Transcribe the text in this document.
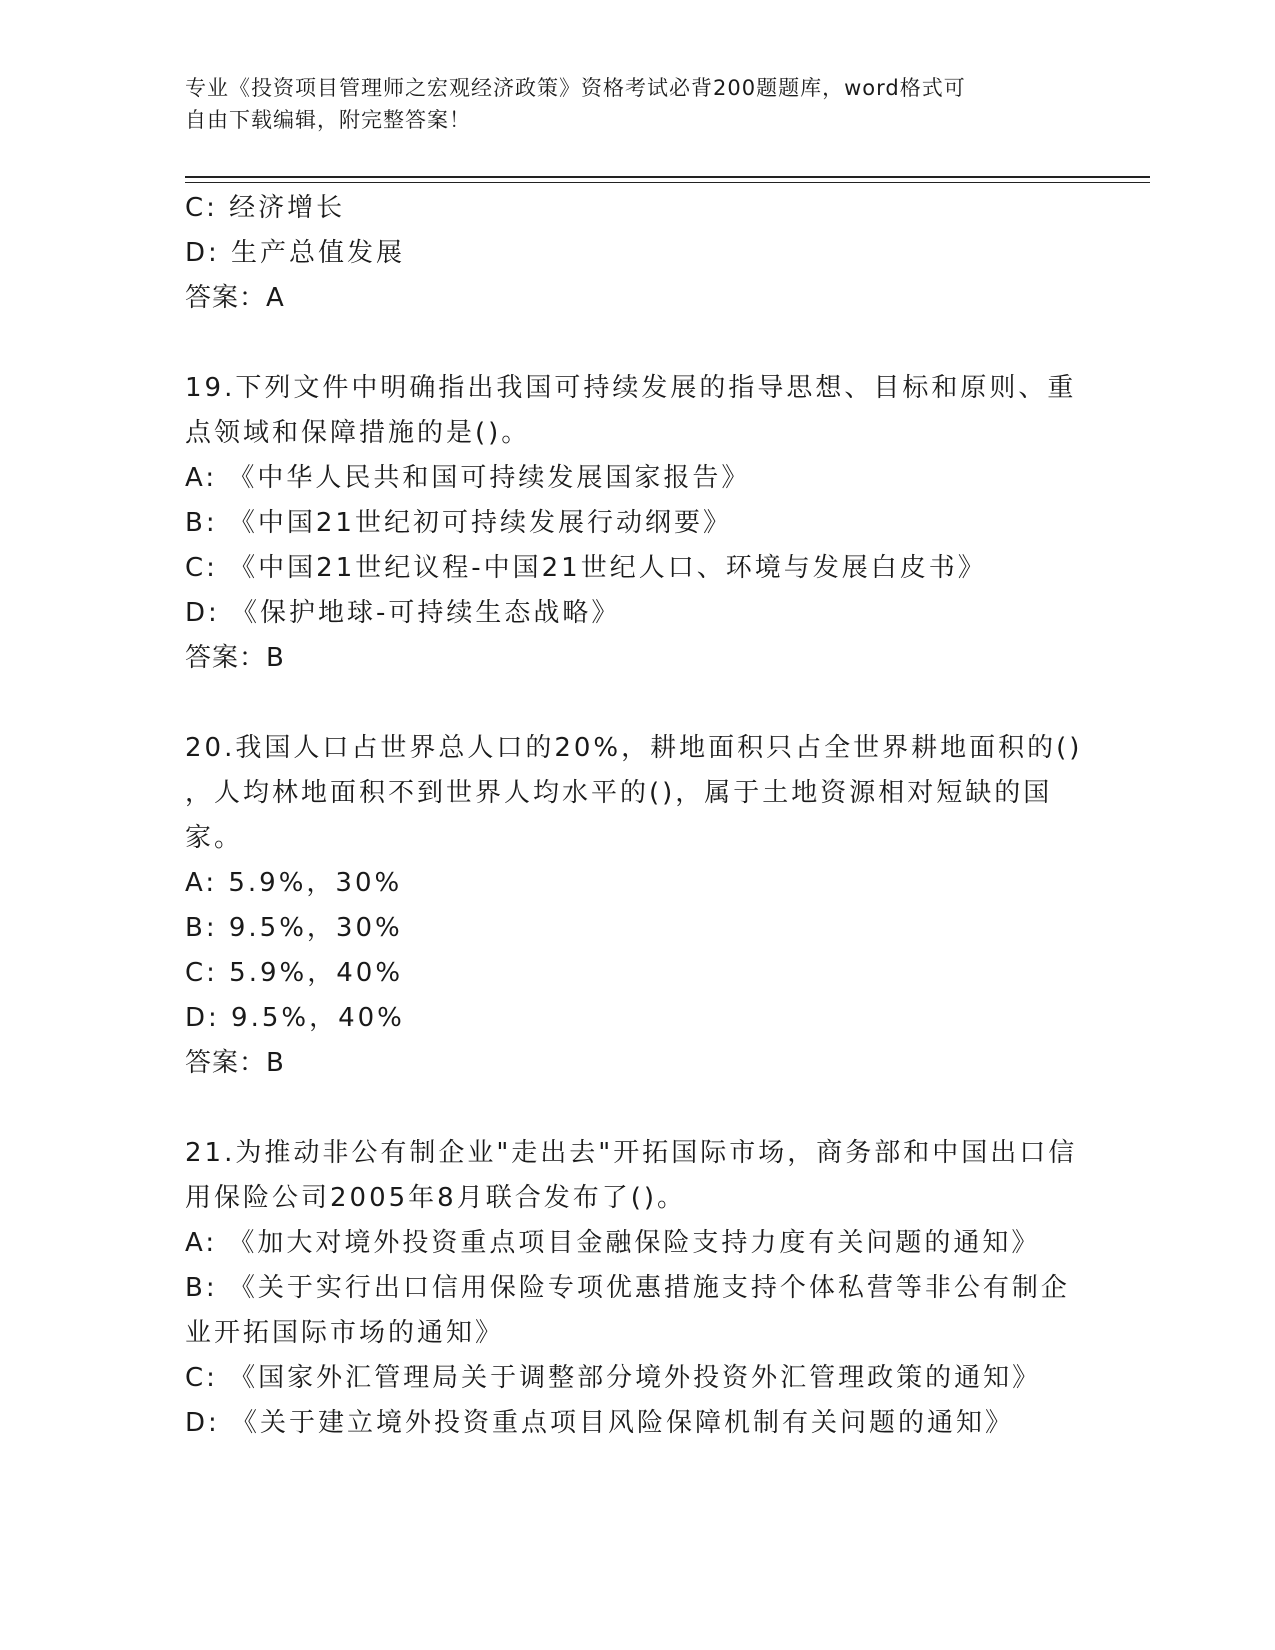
专业《投资项目管理师之宏观经济政策》资格考试必背200题题库，word格式可
自由下载编辑，附完整答案！
C: 经济增长
D: 生产总值发展
答案：A
19.下列文件中明确指出我国可持续发展的指导思想、目标和原则、重
点领域和保障措施的是()。
A: 《中华人民共和国可持续发展国家报告》
B: 《中国21世纪初可持续发展行动纲要》
C: 《中国21世纪议程-中国21世纪人口、环境与发展白皮书》
D: 《保护地球-可持续生态战略》
答案：B
20.我国人口占世界总人口的20%，耕地面积只占全世界耕地面积的()
，人均林地面积不到世界人均水平的()，属于土地资源相对短缺的国
家。
A: 5.9%，30%
B: 9.5%，30%
C: 5.9%，40%
D: 9.5%，40%
答案：B
21.为推动非公有制企业"走出去"开拓国际市场，商务部和中国出口信
用保险公司2005年8月联合发布了()。
A: 《加大对境外投资重点项目金融保险支持力度有关问题的通知》
B: 《关于实行出口信用保险专项优惠措施支持个体私营等非公有制企
业开拓国际市场的通知》
C: 《国家外汇管理局关于调整部分境外投资外汇管理政策的通知》
D: 《关于建立境外投资重点项目风险保障机制有关问题的通知》
